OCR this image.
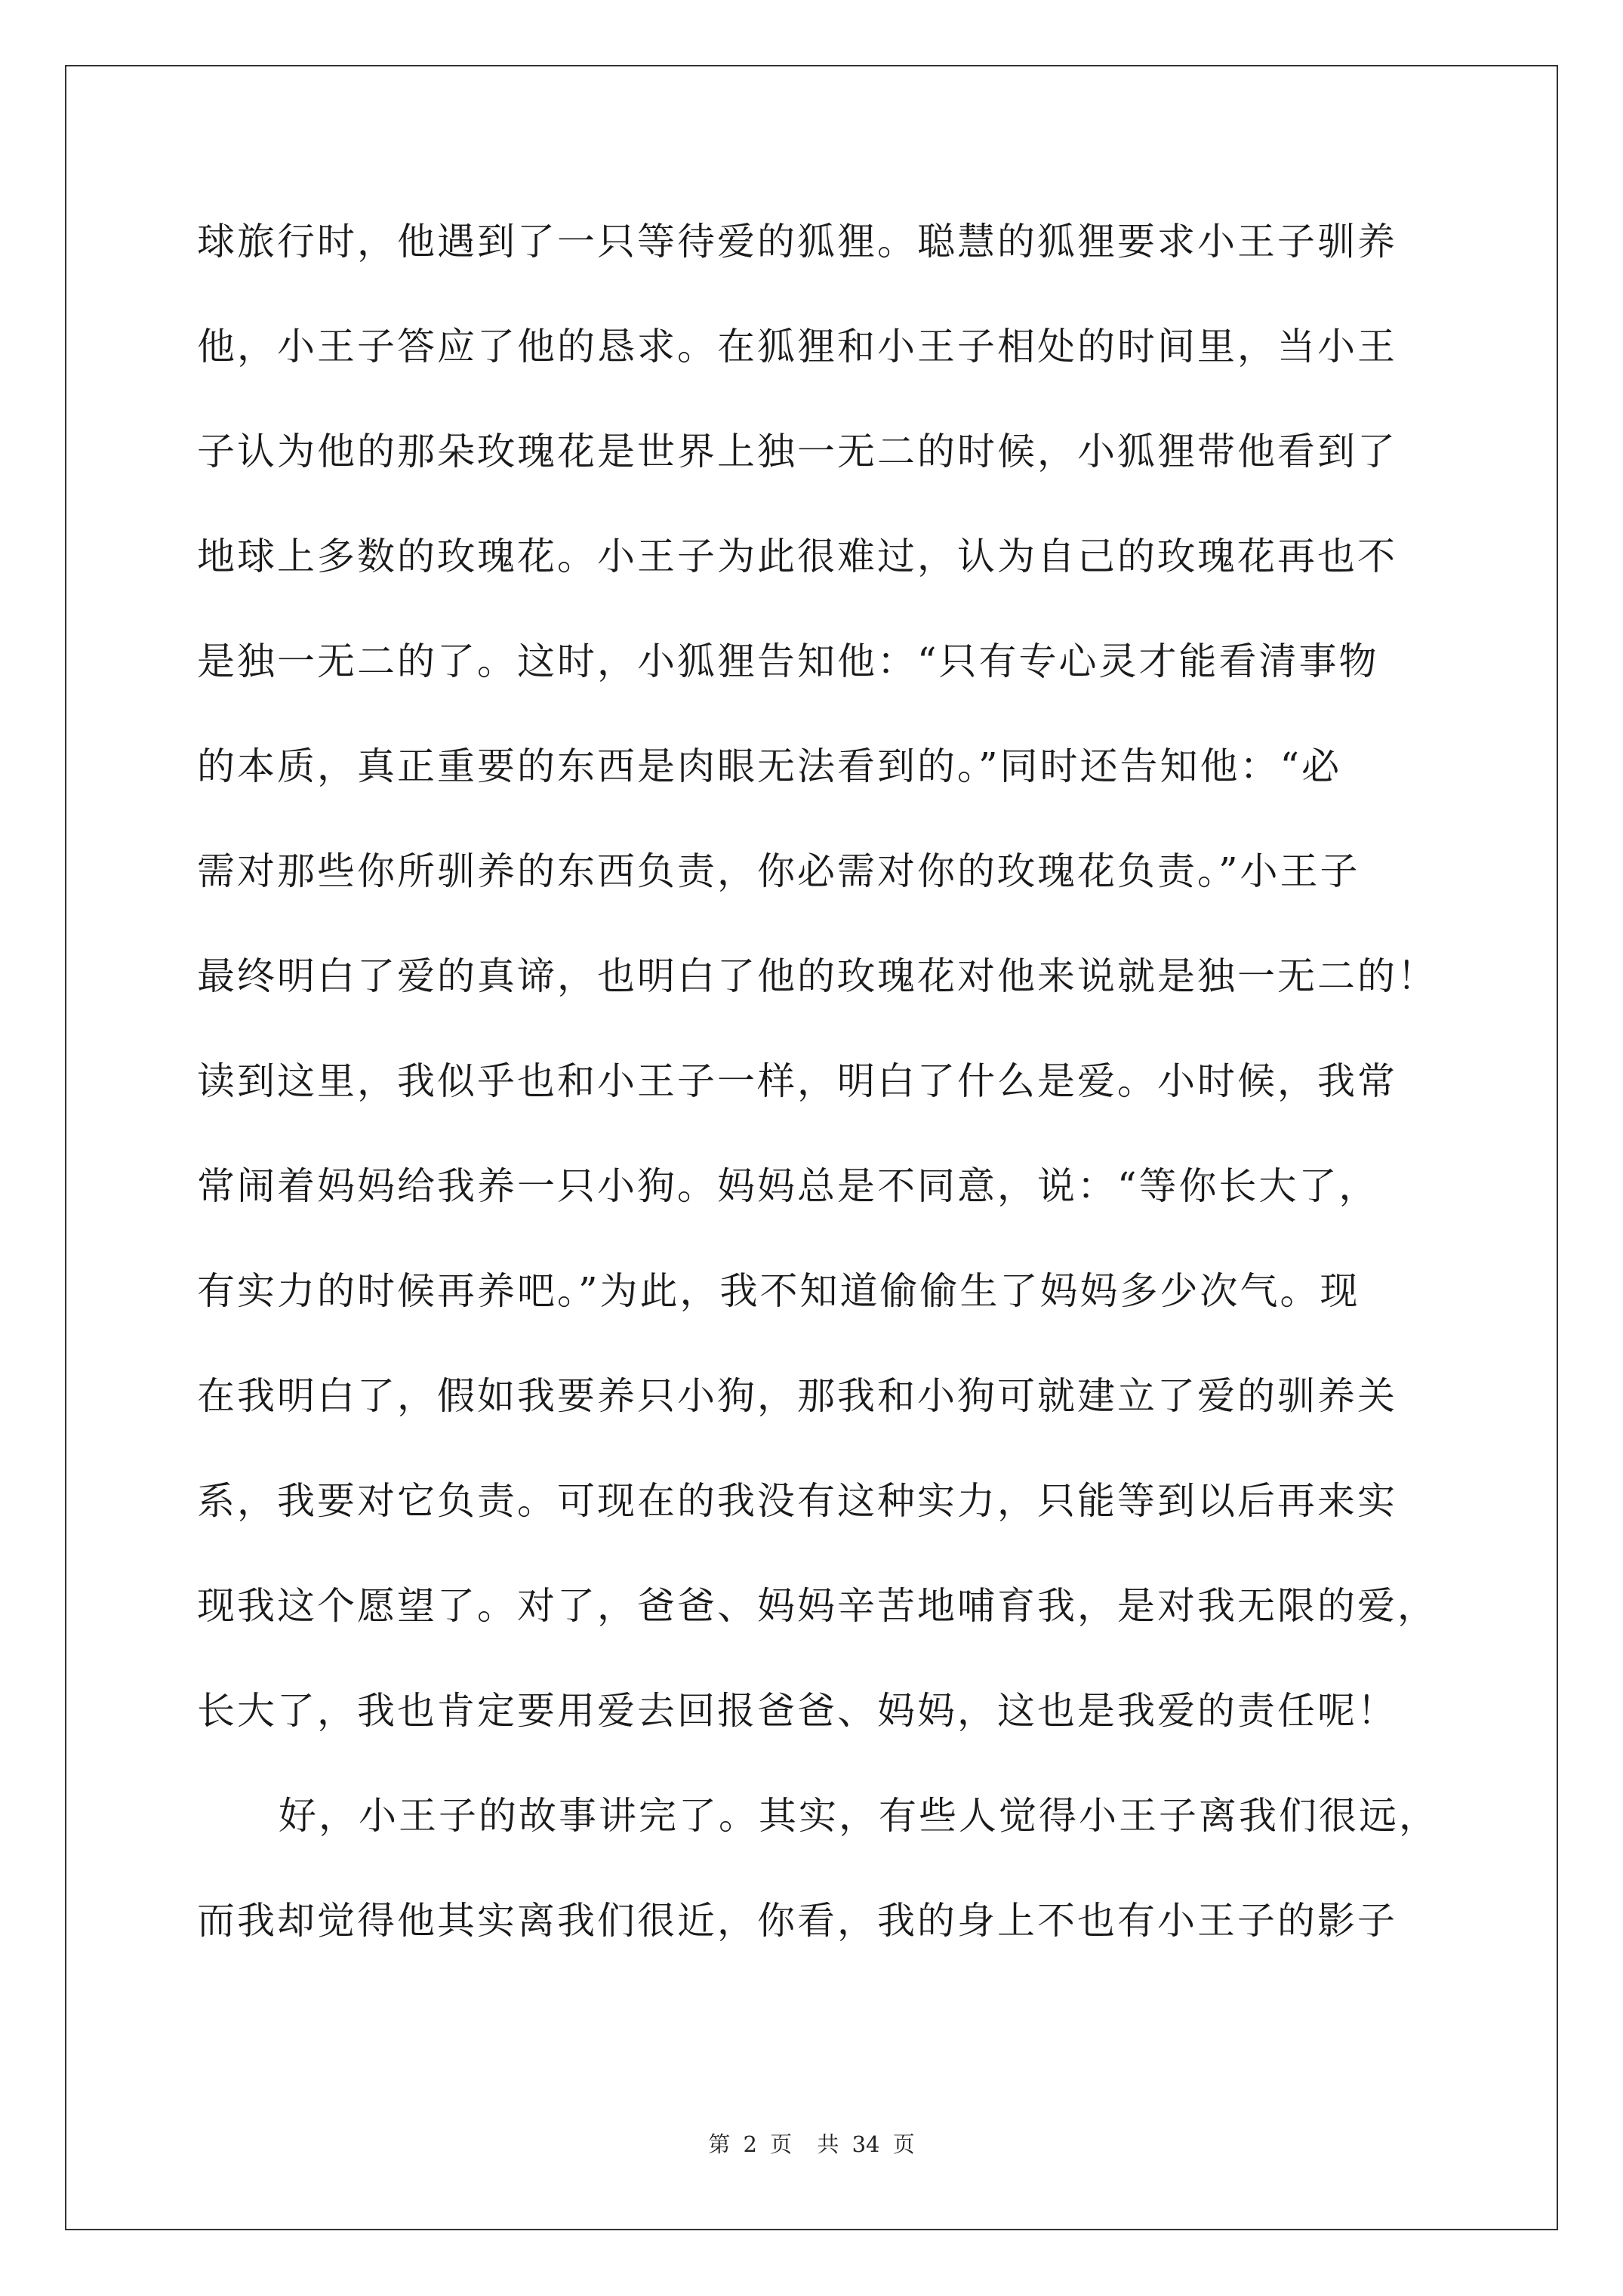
球旅行时，他遇到了一只等待爱的狐狸。聪慧的狐狸要求小王子驯养
他，小王子答应了他的恳求。在狐狸和小王子相处的时间里，当小王
子认为他的那朵玫瑰花是世界上独一无二的时候，小狐狸带他看到了
地球上多数的玫瑰花。小王子为此很难过，认为自己的玫瑰花再也不
是独一无二的了。这时，小狐狸告知他：“只有专心灵才能看清事物
的本质，真正重要的东西是肉眼无法看到的。”同时还告知他：“必
需对那些你所驯养的东西负责，你必需对你的玫瑰花负责。”小王子
最终明白了爱的真谛，也明白了他的玫瑰花对他来说就是独一无二的！
读到这里，我似乎也和小王子一样，明白了什么是爱。小时候，我常
常闹着妈妈给我养一只小狗。妈妈总是不同意，说：“等你长大了，
有实力的时候再养吧。”为此，我不知道偷偷生了妈妈多少次气。现
在我明白了，假如我要养只小狗，那我和小狗可就建立了爱的驯养关
系，我要对它负责。可现在的我没有这种实力，只能等到以后再来实
现我这个愿望了。对了，爸爸、妈妈辛苦地哺育我，是对我无限的爱，
长大了，我也肯定要用爱去回报爸爸、妈妈，这也是我爱的责任呢！
好，小王子的故事讲完了。其实，有些人觉得小王子离我们很远，
而我却觉得他其实离我们很近，你看，我的身上不也有小王子的影子
第 2 页 共 34 页
